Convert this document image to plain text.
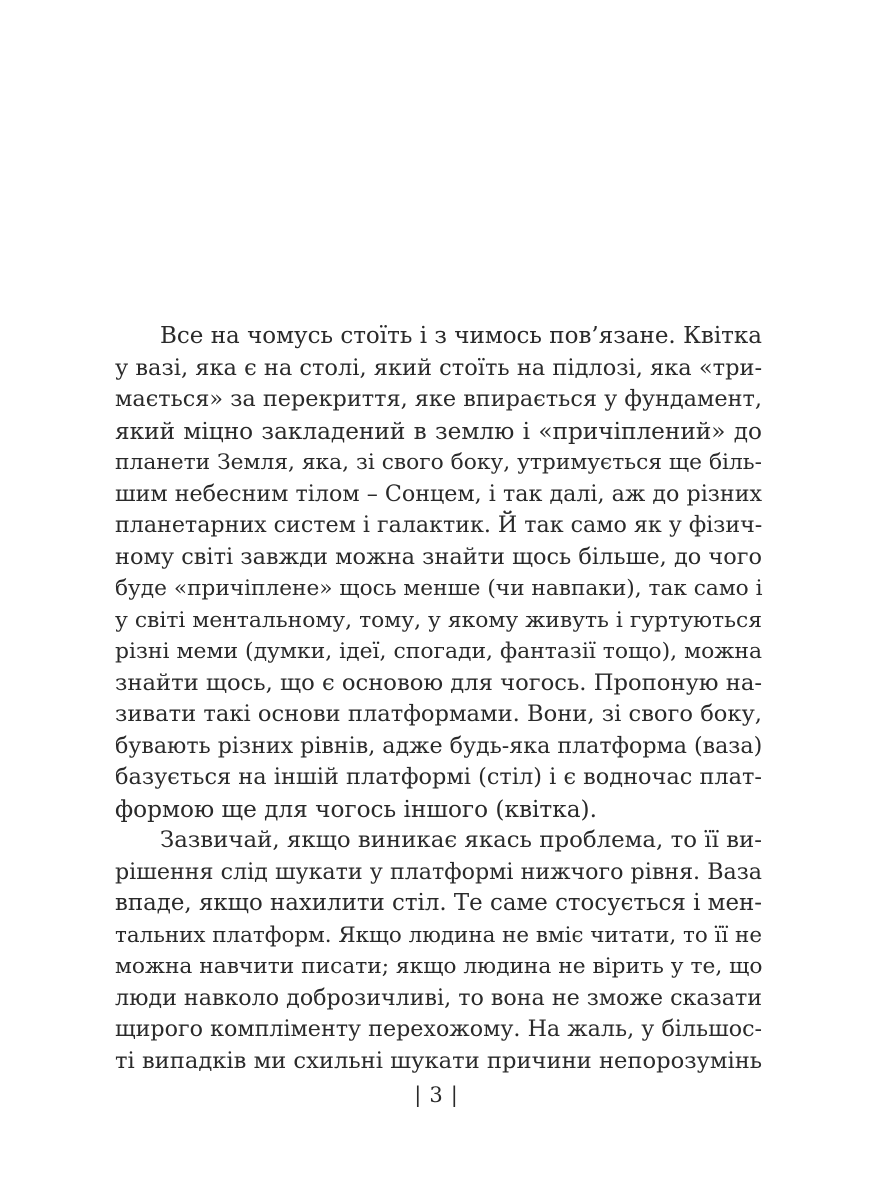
Все на чомусь стоїть і з чимось пов’язане. Квітка
у вазі, яка є на столі, який стоїть на підлозі, яка «три-
мається» за перекриття, яке впирається у фундамент,
який міцно закладений в землю і «причіплений» до
планети Земля, яка, зі свого боку, утримується ще біль-
шим небесним тілом – Сонцем, і так далі, аж до різних
планетарних систем і галактик. Й так само як у фізич-
ному світі завжди можна знайти щось більше, до чого
буде «причіплене» щось менше (чи навпаки), так само і
у світі ментальному, тому, у якому живуть і гуртуються
різні меми (думки, ідеї, спогади, фантазії тощо), можна
знайти щось, що є основою для чогось. Пропоную на-
зивати такі основи платформами. Вони, зі свого боку,
бувають різних рівнів, адже будь-яка платформа (ваза)
базується на іншій платформі (стіл) і є водночас плат-
формою ще для чогось іншого (квітка).
Зазвичай, якщо виникає якась проблема, то її ви-
рішення слід шукати у платформі нижчого рівня. Ваза
впаде, якщо нахилити стіл. Те саме стосується і мен-
тальних платформ. Якщо людина не вміє читати, то її не
можна навчити писати; якщо людина не вірить у те, що
люди навколо доброзичливі, то вона не зможе сказати
щирого компліменту перехожому. На жаль, у більшос-
ті випадків ми схильні шукати причини непорозумінь
| 3 |
